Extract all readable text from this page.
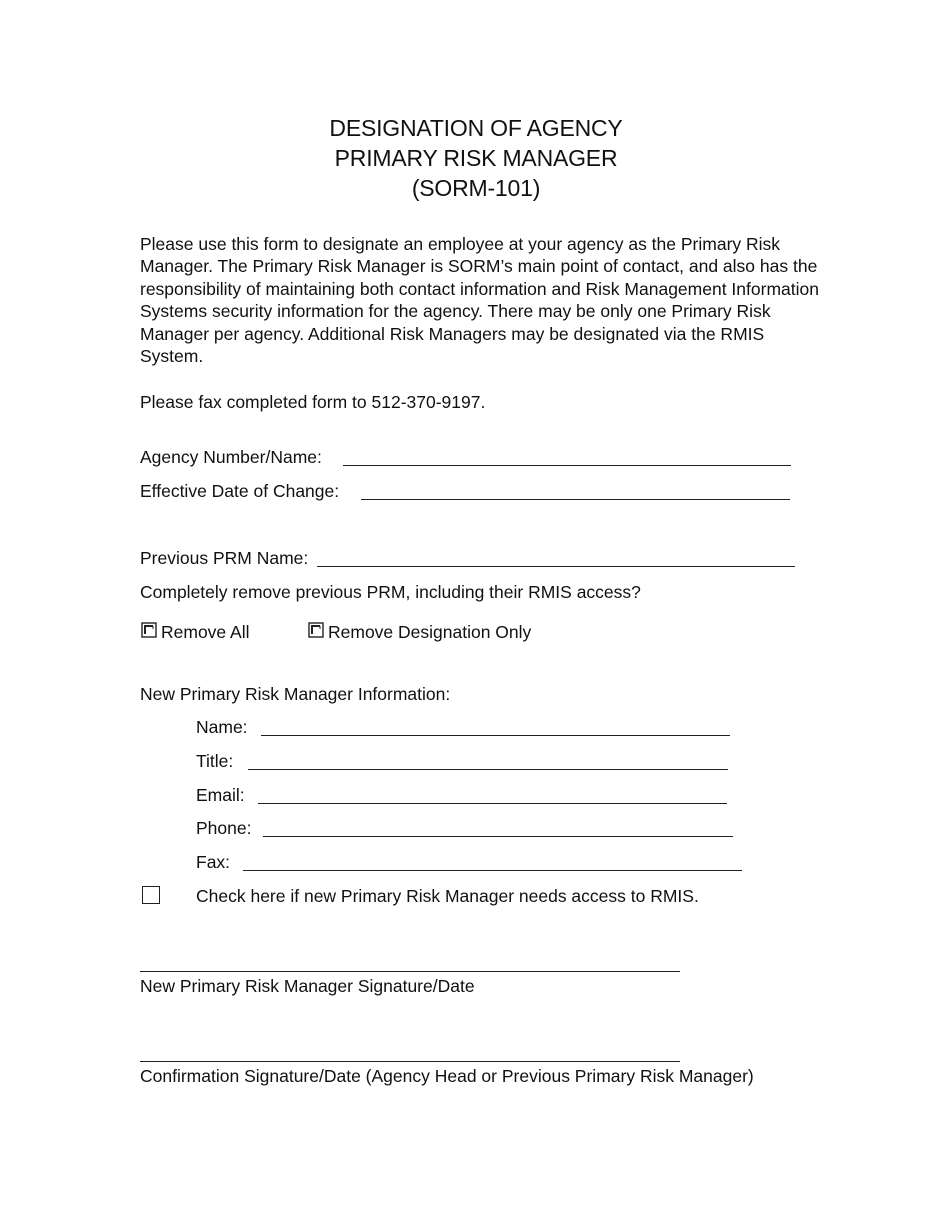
DESIGNATION OF AGENCY
PRIMARY RISK MANAGER
(SORM-101)
Please use this form to designate an employee at your agency as the Primary Risk Manager. The Primary Risk Manager is SORM’s main point of contact, and also has the responsibility of maintaining both contact information and Risk Management Information Systems security information for the agency. There may be only one Primary Risk Manager per agency. Additional Risk Managers may be designated via the RMIS System.
Please fax completed form to 512-370-9197.
Agency Number/Name:
Effective Date of Change:
Previous PRM Name:
Completely remove previous PRM, including their RMIS access?
Remove All	Remove Designation Only
New Primary Risk Manager Information:
Name:
Title:
Email:
Phone:
Fax:
Check here if new Primary Risk Manager needs access to RMIS.
New Primary Risk Manager Signature/Date
Confirmation Signature/Date (Agency Head or Previous Primary Risk Manager)
